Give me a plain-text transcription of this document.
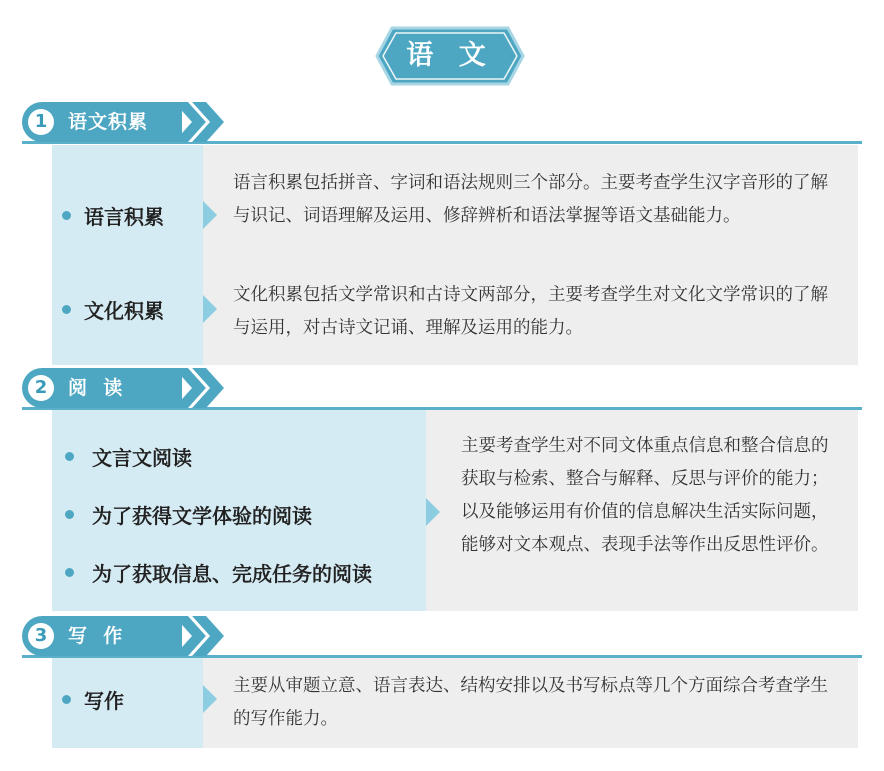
语 文
1	语文积累
语言积累
语言积累包括拼音、字词和语法规则三个部分。主要考查学生汉字音形的了解与识记、词语理解及运用、修辞辨析和语法掌握等语文基础能力。
文化积累
文化积累包括文学常识和古诗文两部分，主要考查学生对文化文学常识的了解与运用，对古诗文记诵、理解及运用的能力。
2	阅  读
文言文阅读
为了获得文学体验的阅读
为了获取信息、完成任务的阅读
主要考查学生对不同文体重点信息和整合信息的获取与检索、整合与解释、反思与评价的能力；以及能够运用有价值的信息解决生活实际问题，能够对文本观点、表现手法等作出反思性评价。
3	写  作
写作
主要从审题立意、语言表达、结构安排以及书写标点等几个方面综合考查学生的写作能力。
